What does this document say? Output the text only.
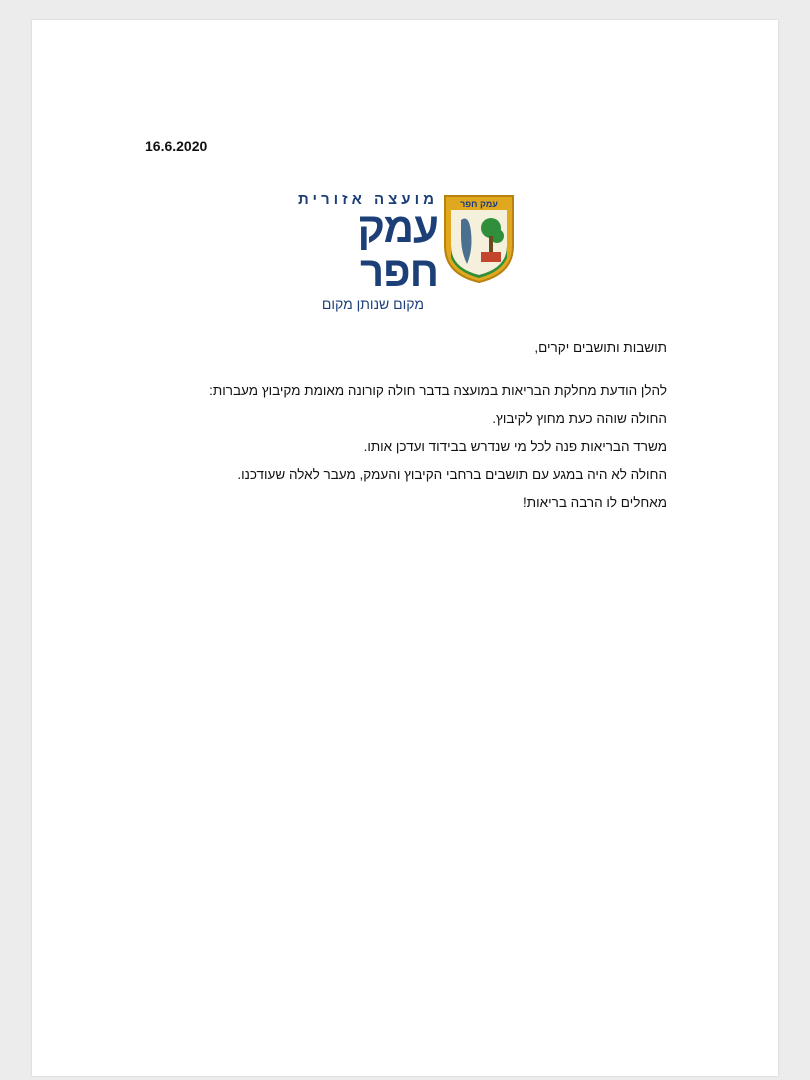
16.6.2020
מועצה אזורית
עמק חפר
מקום שנותן מקום
עמק חפר

תושבות ותושבים יקרים,

להלן הודעת מחלקת הבריאות במועצה בדבר חולה קורונה מאומת מקיבוץ מעברות:

החולה שוהה כעת מחוץ לקיבוץ.

משרד הבריאות פנה לכל מי שנדרש בבידוד ועדכן אותו.

החולה לא היה במגע עם תושבים ברחבי הקיבוץ והעמק, מעבר לאלה שעודכנו.

מאחלים לו הרבה בריאות!
